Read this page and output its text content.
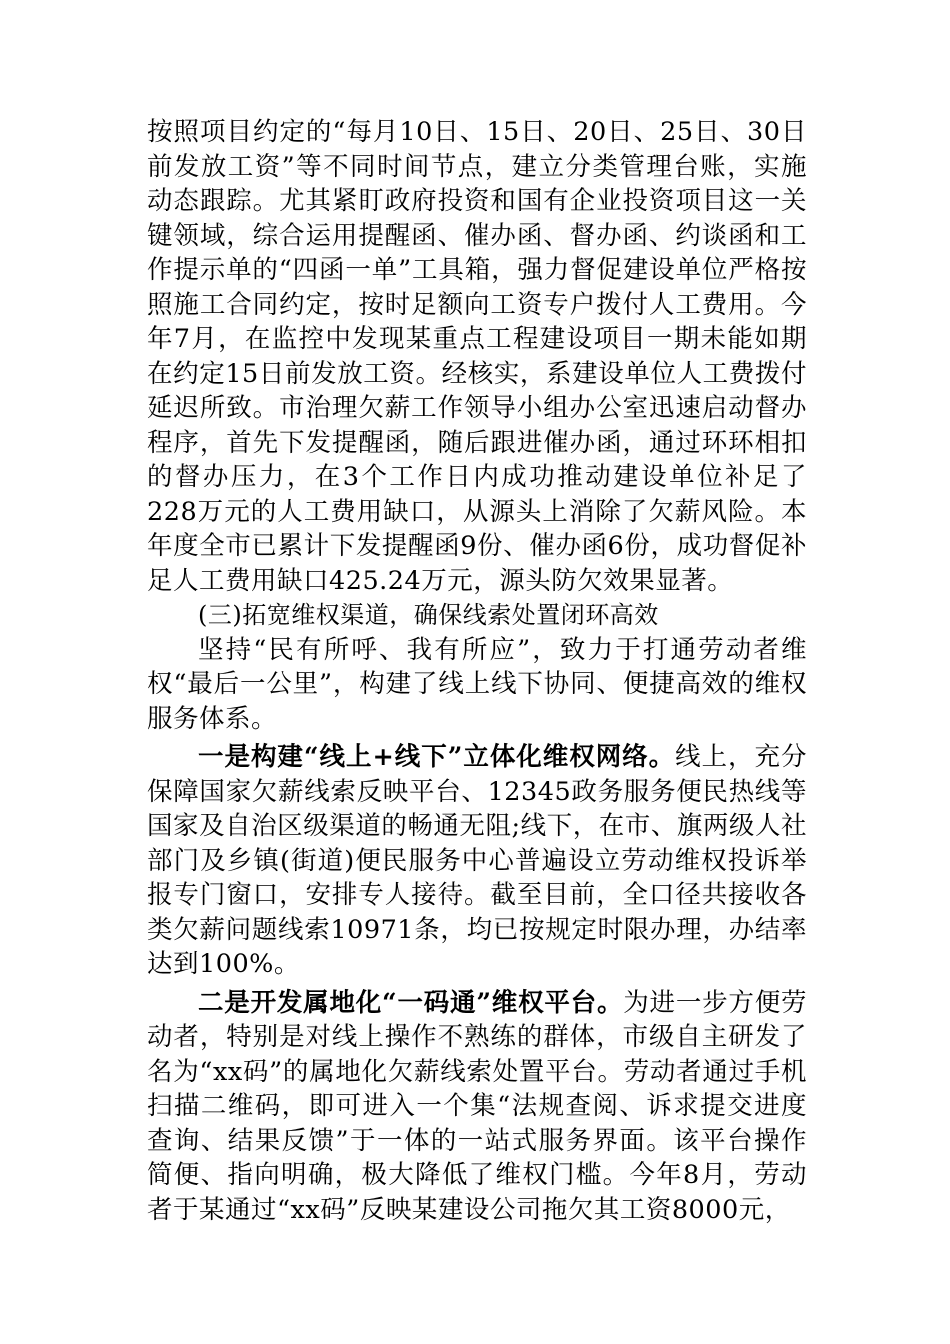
按照项目约定的“每月10日、15日、20日、25日、30日前发放工资”等不同时间节点，建立分类管理台账，实施动态跟踪。尤其紧盯政府投资和国有企业投资项目这一关键领域，综合运用提醒函、催办函、督办函、约谈函和工作提示单的“四函一单”工具箱，强力督促建设单位严格按照施工合同约定，按时足额向工资专户拨付人工费用。今年7月，在监控中发现某重点工程建设项目一期未能如期在约定15日前发放工资。经核实，系建设单位人工费拨付延迟所致。市治理欠薪工作领导小组办公室迅速启动督办程序，首先下发提醒函，随后跟进催办函，通过环环相扣的督办压力，在3个工作日内成功推动建设单位补足了228万元的人工费用缺口，从源头上消除了欠薪风险。本年度全市已累计下发提醒函9份、催办函6份，成功督促补足人工费用缺口425.24万元，源头防欠效果显著。

(三)拓宽维权渠道，确保线索处置闭环高效

坚持“民有所呼、我有所应”，致力于打通劳动者维权“最后一公里”，构建了线上线下协同、便捷高效的维权服务体系。

一是构建“线上+线下”立体化维权网络。线上，充分保障国家欠薪线索反映平台、12345政务服务便民热线等国家及自治区级渠道的畅通无阻;线下，在市、旗两级人社部门及乡镇(街道)便民服务中心普遍设立劳动维权投诉举报专门窗口，安排专人接待。截至目前，全口径共接收各类欠薪问题线索10971条，均已按规定时限办理，办结率达到100%。

二是开发属地化“一码通”维权平台。为进一步方便劳动者，特别是对线上操作不熟练的群体，市级自主研发了名为“xx码”的属地化欠薪线索处置平台。劳动者通过手机扫描二维码，即可进入一个集“法规查阅、诉求提交进度查询、结果反馈”于一体的一站式服务界面。该平台操作简便、指向明确，极大降低了维权门槛。今年8月，劳动者于某通过“xx码”反映某建设公司拖欠其工资8000元，
